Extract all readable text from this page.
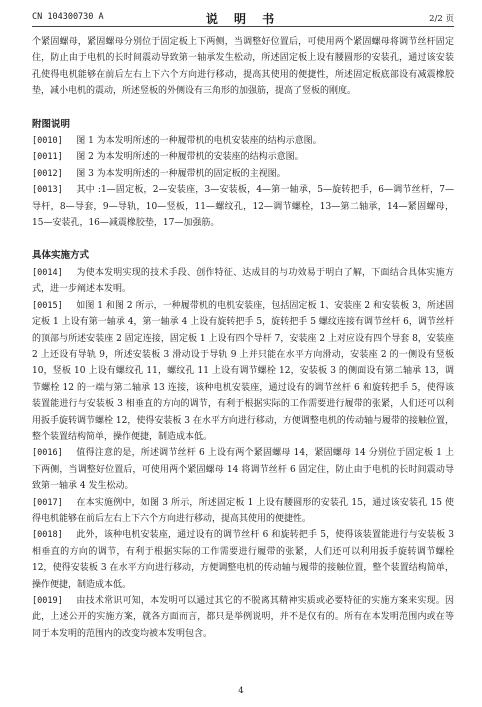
CN 104300730 A	说 明 书	2/2 页

个紧固螺母，紧固螺母分别位于固定板上下两侧，当调整好位置后，可使用两个紧固螺母将调节丝杆固定住，防止由于电机的长时间震动导致第一轴承发生松动，所述固定板上设有腰圆形的安装孔，通过该安装孔使得电机能够在前后左右上下六个方向进行移动，提高其使用的便捷性，所述固定板底部设有减震橡胶垫，减小电机的震动，所述竖板的外侧设有三角形的加强筋，提高了竖板的刚度。

附图说明

[0010]   图 1 为本发明所述的一种履带机的电机安装座的结构示意图。

[0011]   图 2 为本发明所述的一种履带机的安装座的结构示意图。

[0012]   图 3 为本发明所述的一种履带机的固定板的主视图。

[0013]   其中 :1—固定板，2—安装座，3—安装板，4—第一轴承，5—旋转把手，6—调节丝杆，7—导杆，8—导套，9—导轨，10—竖板，11—螺纹孔，12—调节螺栓，13—第二轴承，14—紧固螺母，15—安装孔，16—减震橡胶垫，17—加强筋。

具体实施方式

[0014]   为使本发明实现的技术手段、创作特征、达成目的与功效易于明白了解，下面结合具体实施方式，进一步阐述本发明。

[0015]   如图 1 和图 2 所示，一种履带机的电机安装座，包括固定板 1、安装座 2 和安装板 3，所述固定板 1 上设有第一轴承 4，第一轴承 4 上设有旋转把手 5，旋转把手 5 螺纹连接有调节丝杆 6，调节丝杆的顶部与所述安装座 2 固定连接，固定板 1 上设有四个导杆 7，安装座 2 上对应设有四个导套 8，安装座 2 上还设有导轨 9，所述安装板 3 滑动设于导轨 9 上并只能在水平方向滑动，安装座 2 的一侧设有竖板 10，竖板 10 上设有螺纹孔 11，螺纹孔 11 上设有调节螺栓 12，安装板 3 的侧面设有第二轴承 13，调节螺栓 12 的一端与第二轴承 13 连接，该种电机安装座，通过设有的调节丝杆 6 和旋转把手 5，使得该装置能进行与安装板 3 相垂直的方向的调节，有利于根据实际的工作需要进行履带的张紧，人们还可以利用扳手旋转调节螺栓 12，使得安装板 3 在水平方向进行移动，方便调整电机的传动轴与履带的接触位置，整个装置结构简单，操作便捷，制造成本低。

[0016]   值得注意的是，所述调节丝杆 6 上设有两个紧固螺母 14，紧固螺母 14 分别位于固定板 1 上下两侧，当调整好位置后，可使用两个紧固螺母 14 将调节丝杆 6 固定住，防止由于电机的长时间震动导致第一轴承 4 发生松动。

[0017]   在本实施例中，如图 3 所示，所述固定板 1 上设有腰圆形的安装孔 15，通过该安装孔 15 使得电机能够在前后左右上下六个方向进行移动，提高其使用的便捷性。

[0018]   此外，该种电机安装座，通过设有的调节丝杆 6 和旋转把手 5，使得该装置能进行与安装板 3 相垂直的方向的调节，有利于根据实际的工作需要进行履带的张紧，人们还可以利用扳手旋转调节螺栓 12，使得安装板 3 在水平方向进行移动，方便调整电机的传动轴与履带的接触位置，整个装置结构简单，操作便捷，制造成本低。

[0019]   由技术常识可知，本发明可以通过其它的不脱离其精神实质或必要特征的实施方案来实现。因此，上述公开的实施方案，就各方面而言，都只是举例说明，并不是仅有的。所有在本发明范围内或在等同于本发明的范围内的改变均被本发明包含。

4
